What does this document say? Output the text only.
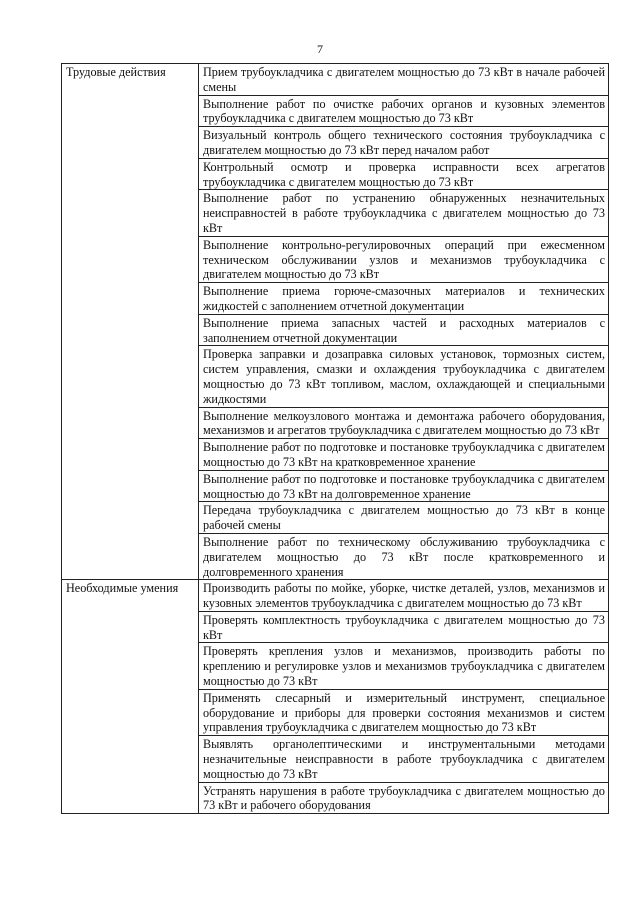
7
Трудовые действия	Прием трубоукладчика с двигателем мощностью до 73 кВт в начале рабочей смены
	Выполнение работ по очистке рабочих органов и кузовных элементов трубоукладчика с двигателем мощностью до 73 кВт
	Визуальный контроль общего технического состояния трубоукладчика с двигателем мощностью до 73 кВт перед началом работ
	Контрольный осмотр и проверка исправности всех агрегатов трубоукладчика с двигателем мощностью до 73 кВт
	Выполнение работ по устранению обнаруженных незначительных неисправностей в работе трубоукладчика с двигателем мощностью до 73 кВт
	Выполнение контрольно-регулировочных операций при ежесменном техническом обслуживании узлов и механизмов трубоукладчика с двигателем мощностью до 73 кВт
	Выполнение приема горюче-смазочных материалов и технических жидкостей с заполнением отчетной документации
	Выполнение приема запасных частей и расходных материалов с заполнением отчетной документации
	Проверка заправки и дозаправка силовых установок, тормозных систем, систем управления, смазки и охлаждения трубоукладчика с двигателем мощностью до 73 кВт топливом, маслом, охлаждающей и специальными жидкостями
	Выполнение мелкоузлового монтажа и демонтажа рабочего оборудования, механизмов и агрегатов трубоукладчика с двигателем мощностью до 73 кВт
	Выполнение работ по подготовке и постановке трубоукладчика с двигателем мощностью до 73 кВт на кратковременное хранение
	Выполнение работ по подготовке и постановке трубоукладчика с двигателем мощностью до 73 кВт на долговременное хранение
	Передача трубоукладчика с двигателем мощностью до 73 кВт в конце рабочей смены
	Выполнение работ по техническому обслуживанию трубоукладчика с двигателем мощностью до 73 кВт после кратковременного и долговременного хранения
Необходимые умения	Производить работы по мойке, уборке, чистке деталей, узлов, механизмов и кузовных элементов трубоукладчика с двигателем мощностью до 73 кВт
	Проверять комплектность трубоукладчика с двигателем мощностью до 73 кВт
	Проверять крепления узлов и механизмов, производить работы по креплению и регулировке узлов и механизмов трубоукладчика с двигателем мощностью до 73 кВт
	Применять слесарный и измерительный инструмент, специальное оборудование и приборы для проверки состояния механизмов и систем управления трубоукладчика с двигателем мощностью до 73 кВт
	Выявлять органолептическими и инструментальными методами незначительные неисправности в работе трубоукладчика с двигателем мощностью до 73 кВт
	Устранять нарушения в работе трубоукладчика с двигателем мощностью до 73 кВт и рабочего оборудования
